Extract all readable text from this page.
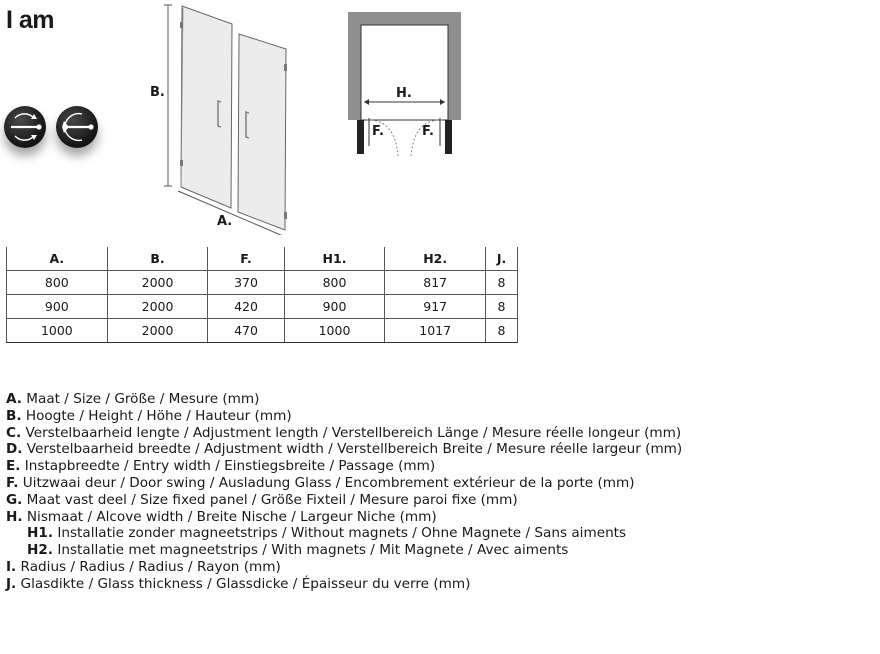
I am
B.
A.
H.
F.	F.
A.	B.	F.	H1.	H2.	J.
800	2000	370	800	817	8
900	2000	420	900	917	8
1000	2000	470	1000	1017	8
A. Maat / Size / Größe / Mesure (mm)
B. Hoogte / Height / Höhe / Hauteur (mm)
C. Verstelbaarheid lengte / Adjustment length / Verstellbereich Länge / Mesure réelle longeur (mm)
D. Verstelbaarheid breedte / Adjustment width / Verstellbereich Breite / Mesure réelle largeur (mm)
E. Instapbreedte / Entry width / Einstiegsbreite / Passage (mm)
F. Uitzwaai deur / Door swing / Ausladung Glass / Encombrement extérieur de la porte (mm)
G. Maat vast deel / Size fixed panel / Größe Fixteil / Mesure paroi fixe (mm)
H. Nismaat / Alcove width / Breite Nische / Largeur Niche (mm)
H1. Installatie zonder magneetstrips / Without magnets / Ohne Magnete / Sans aiments
H2. Installatie met magneetstrips / With magnets / Mit Magnete / Avec aiments
I. Radius / Radius / Radius / Rayon (mm)
J. Glasdikte / Glass thickness / Glassdicke / Épaisseur du verre (mm)
